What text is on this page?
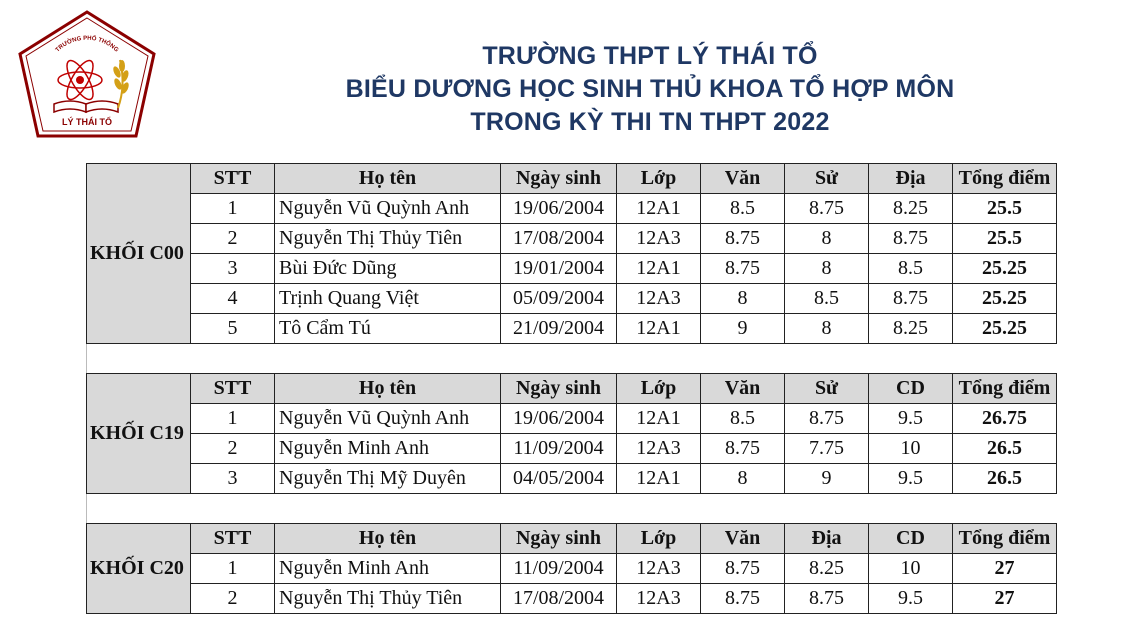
TRƯỜNG PHỔ THÔNG
LÝ THÁI TỔ
TRƯỜNG THPT LÝ THÁI TỔ
BIỂU DƯƠNG HỌC SINH THỦ KHOA TỔ HỢP MÔN
TRONG KỲ THI TN THPT 2022
KHỐI C00	STT	Họ tên	Ngày sinh	Lớp	Văn	Sử	Địa	Tổng điểm
	1	Nguyễn Vũ Quỳnh Anh	19/06/2004	12A1	8.5	8.75	8.25	25.5
	2	Nguyễn Thị Thủy Tiên	17/08/2004	12A3	8.75	8	8.75	25.5
	3	Bùi Đức Dũng	19/01/2004	12A1	8.75	8	8.5	25.25
	4	Trịnh Quang Việt	05/09/2004	12A3	8	8.5	8.75	25.25
	5	Tô Cẩm Tú	21/09/2004	12A1	9	8	8.25	25.25

KHỐI C19	STT	Họ tên	Ngày sinh	Lớp	Văn	Sử	CD	Tổng điểm
	1	Nguyễn Vũ Quỳnh Anh	19/06/2004	12A1	8.5	8.75	9.5	26.75
	2	Nguyễn Minh Anh	11/09/2004	12A3	8.75	7.75	10	26.5
	3	Nguyễn Thị Mỹ Duyên	04/05/2004	12A1	8	9	9.5	26.5

KHỐI C20	STT	Họ tên	Ngày sinh	Lớp	Văn	Địa	CD	Tổng điểm
	1	Nguyễn Minh Anh	11/09/2004	12A3	8.75	8.25	10	27
	2	Nguyễn Thị Thủy Tiên	17/08/2004	12A3	8.75	8.75	9.5	27
